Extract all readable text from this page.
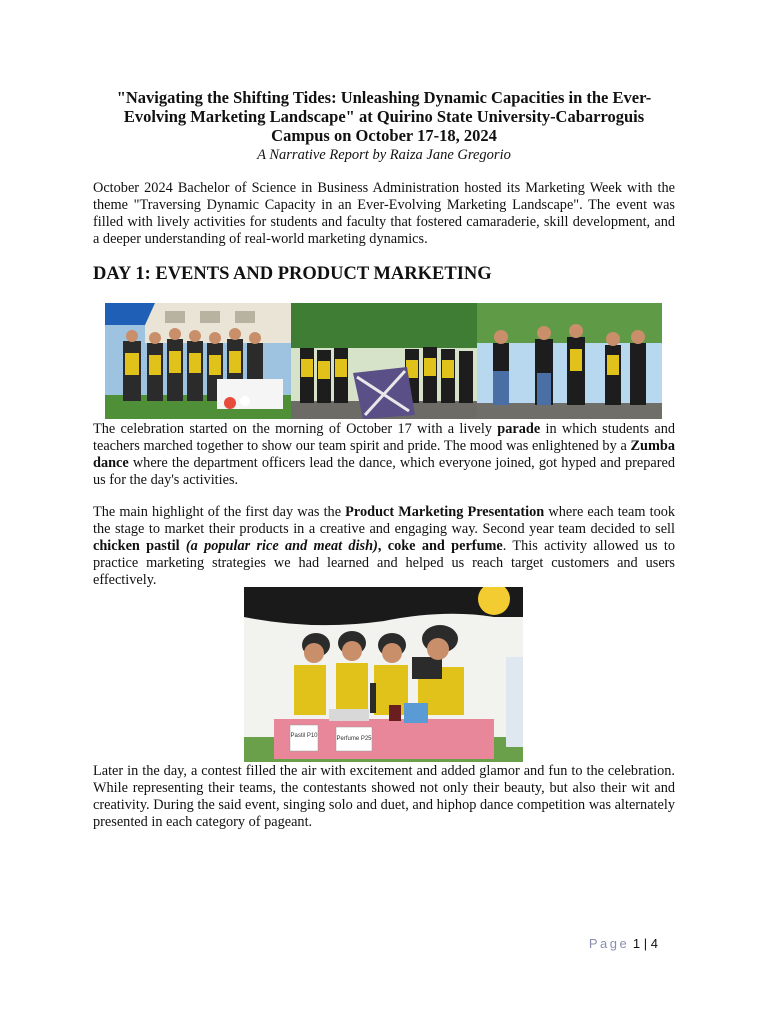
"Navigating the Shifting Tides: Unleashing Dynamic Capacities in the Ever-Evolving Marketing Landscape" at Quirino State University-Cabarroguis Campus on October 17-18, 2024
A Narrative Report by Raiza Jane Gregorio

October 2024 Bachelor of Science in Business Administration hosted its Marketing Week with the theme "Traversing Dynamic Capacity in an Ever-Evolving Marketing Landscape". The event was filled with lively activities for students and faculty that fostered camaraderie, skill development, and a deeper understanding of real-world marketing dynamics.

DAY 1: EVENTS AND PRODUCT MARKETING

The celebration started on the morning of October 17 with a lively parade in which students and teachers marched together to show our team spirit and pride. The mood was enlightened by a Zumba dance where the department officers lead the dance, which everyone joined, got hyped and prepared us for the day's activities.

The main highlight of the first day was the Product Marketing Presentation where each team took the stage to market their products in a creative and engaging way. Second year team decided to sell chicken pastil (a popular rice and meat dish), coke and perfume. This activity allowed us to practice marketing strategies we had learned and helped us reach target customers and users effectively.

Pastil P10	Perfume P25

Later in the day, a contest filled the air with excitement and added glamor and fun to the celebration. While representing their teams, the contestants showed not only their beauty, but also their wit and creativity. During the said event, singing solo and duet, and hiphop dance competition was alternately presented in each category of pageant.

Page 1 | 4
